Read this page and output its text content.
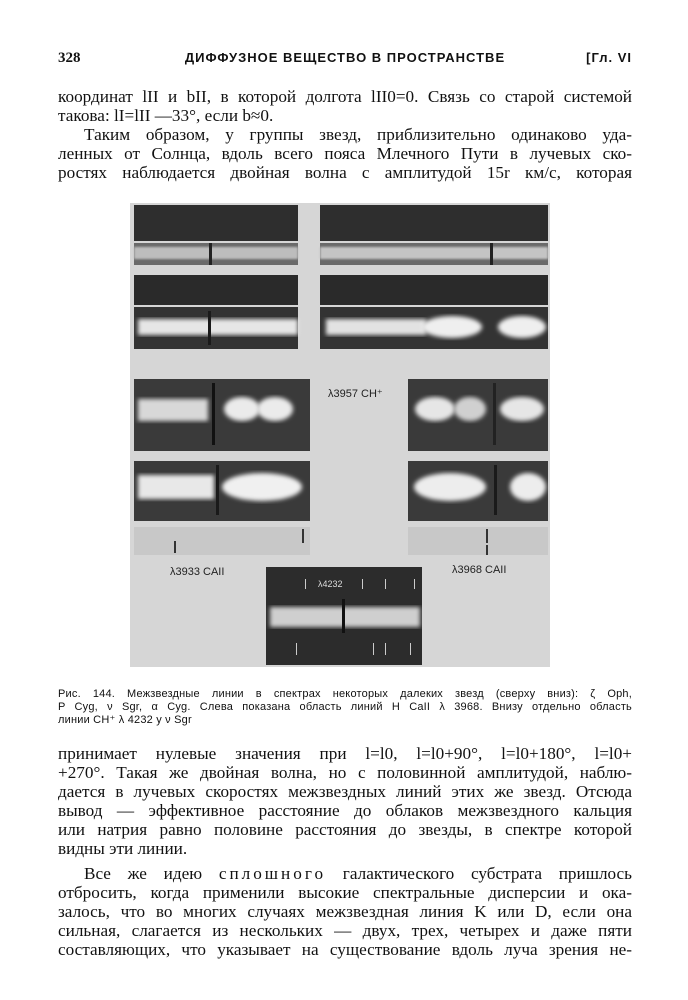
328	ДИФФУЗНОЕ ВЕЩЕСТВО В ПРОСТРАНСТВЕ	[Гл. VI
координат lII и bII, в которой долгота lII0=0. Связь со старой системой
такова: lI=lII —33°, если b≈0.
Таким образом, у группы звезд, приблизительно одинаково уда-
ленных от Солнца, вдоль всего пояса Млечного Пути в лучевых ско-
ростях наблюдается двойная волна с амплитудой 15r км/с, которая
λ3957 CH⁺
λ3933 CAII	λ3968 CAII
λ4232
Рис. 144. Межзвездные линии в спектрах некоторых далеких звезд (сверху вниз): ζ Oph,
P Cyg, ν Sgr, α Cyg. Слева показана область линий H CaII λ 3968. Внизу отдельно область
линии CH⁺ λ 4232 у ν Sgr
принимает нулевые значения при l=l0, l=l0+90°, l=l0+180°, l=l0+
+270°. Такая же двойная волна, но с половинной амплитудой, наблю-
дается в лучевых скоростях межзвездных линий этих же звезд. Отсюда
вывод — эффективное расстояние до облаков межзвездного кальция
или натрия равно половине расстояния до звезды, в спектре которой
видны эти линии.
Все же идею сплошного галактического субстрата пришлось
отбросить, когда применили высокие спектральные дисперсии и ока-
залось, что во многих случаях межзвездная линия K или D, если она
сильная, слагается из нескольких — двух, трех, четырех и даже пяти
составляющих, что указывает на существование вдоль луча зрения не-
